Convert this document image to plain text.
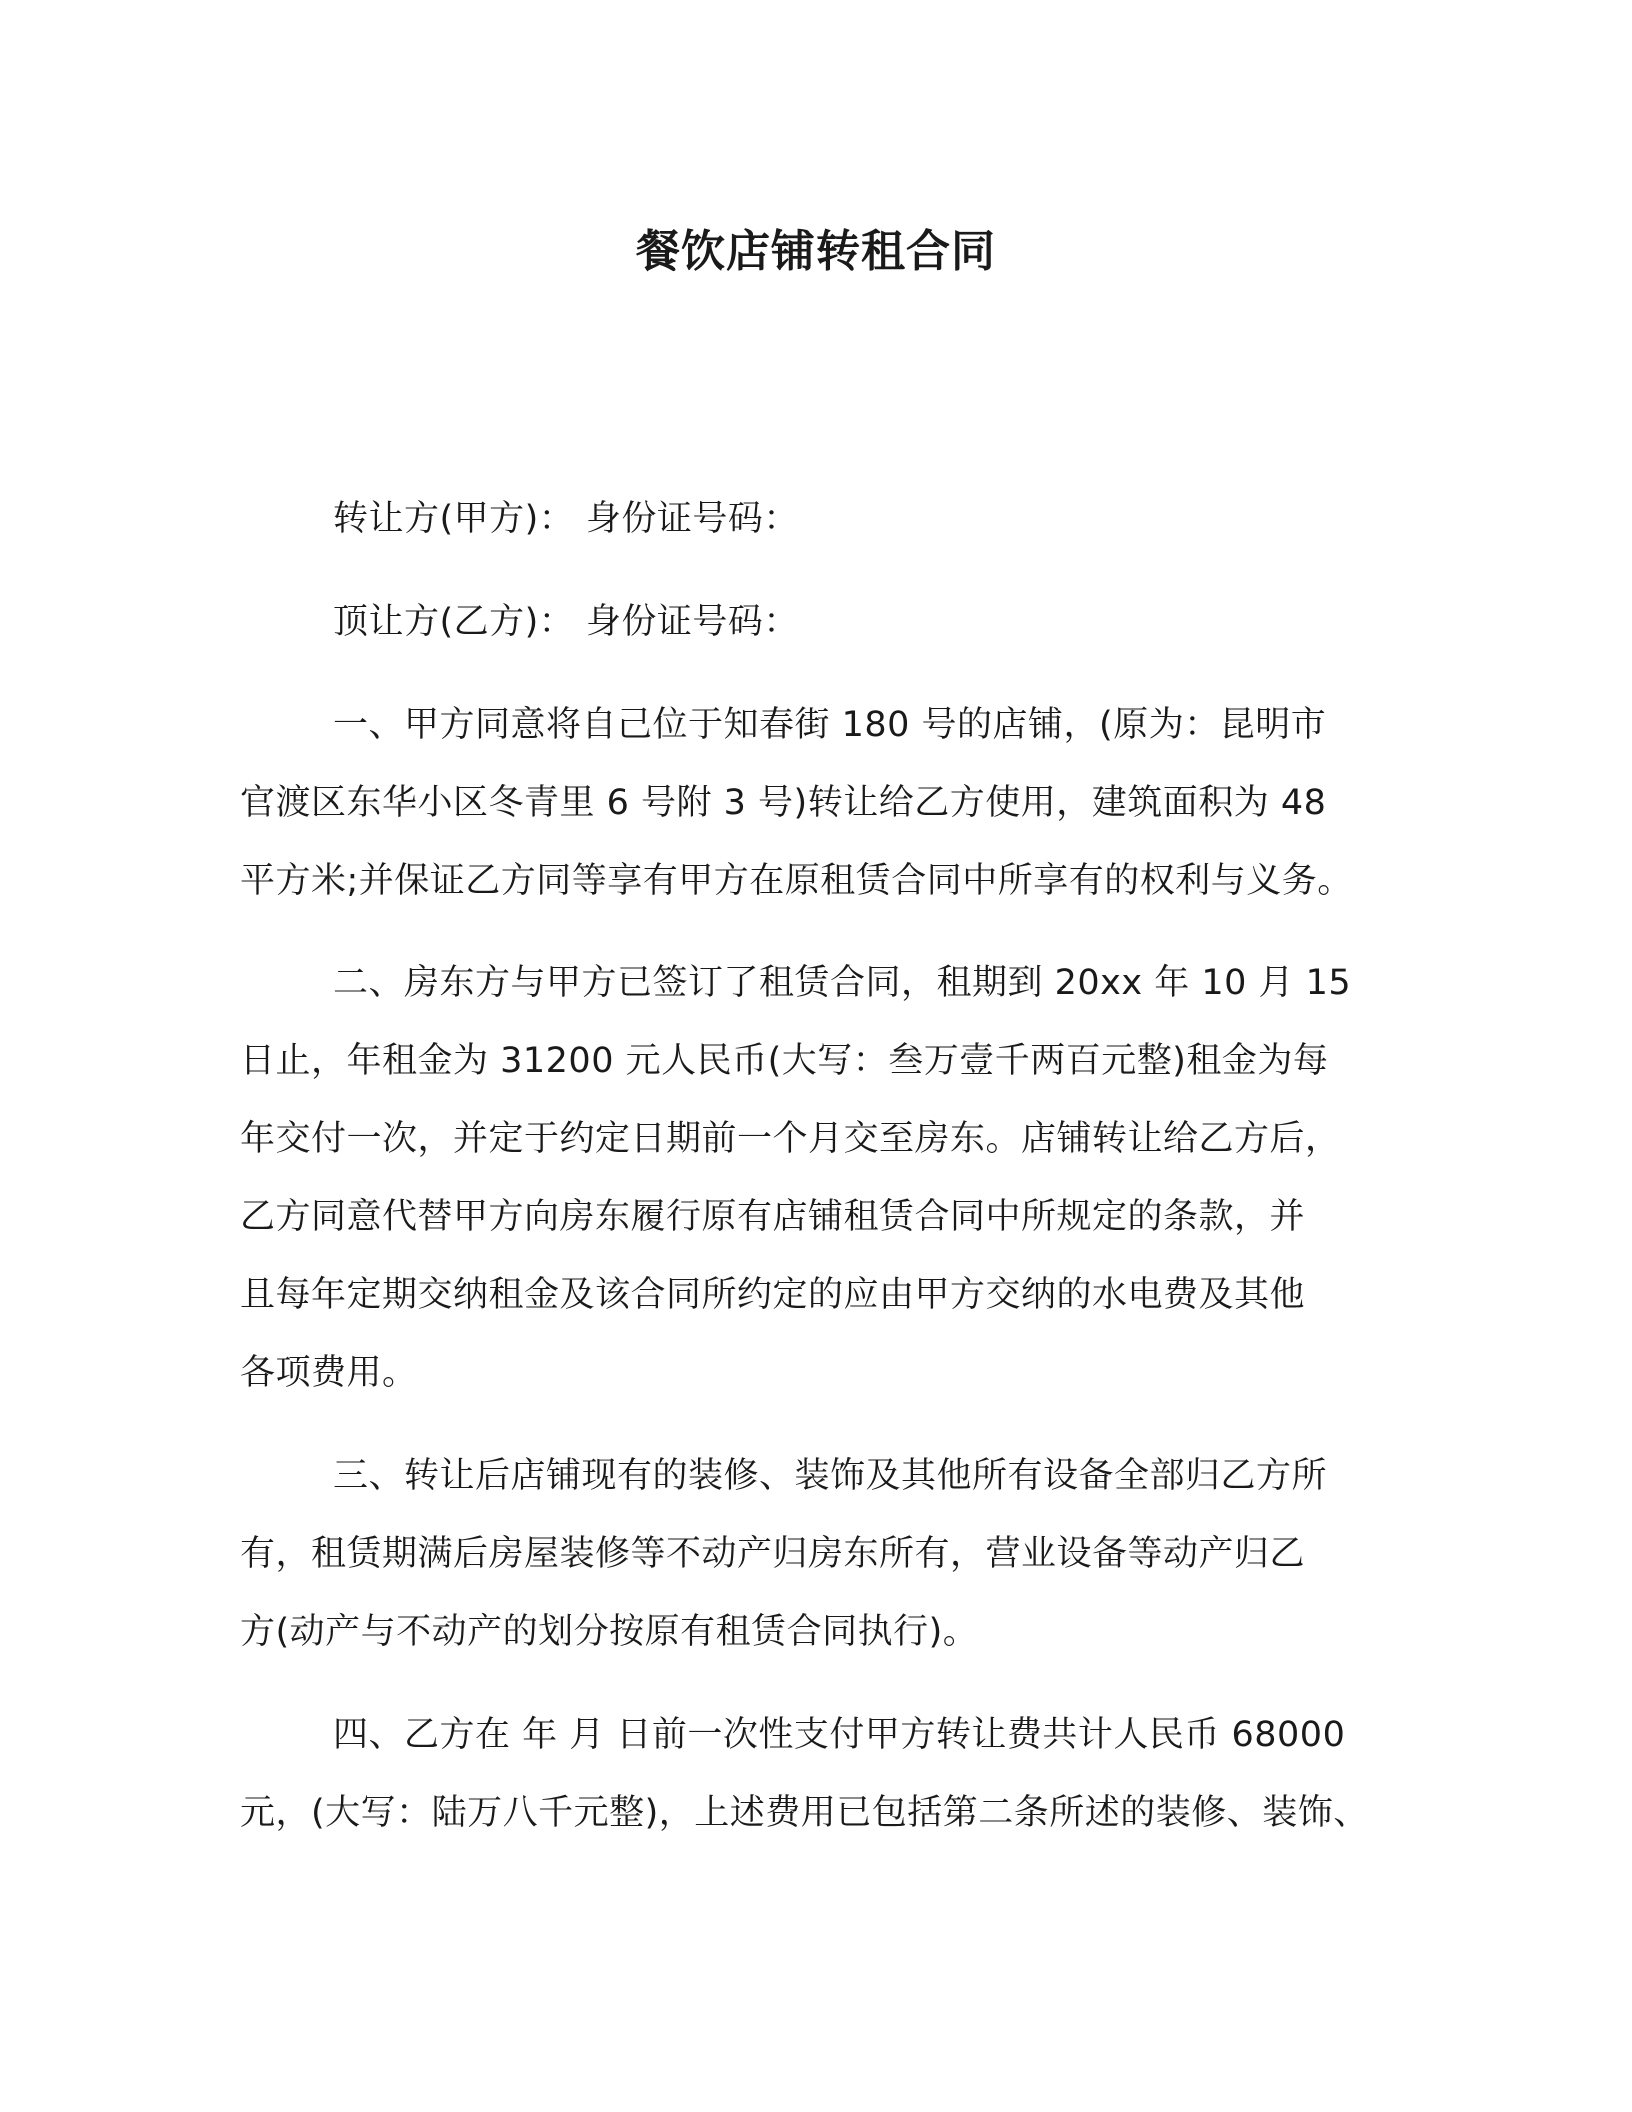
餐饮店铺转租合同
转让方(甲方)： 身份证号码：
顶让方(乙方)： 身份证号码：
一、甲方同意将自己位于知春街 180 号的店铺，(原为：昆明市
官渡区东华小区冬青里 6 号附 3 号)转让给乙方使用，建筑面积为 48
平方米;并保证乙方同等享有甲方在原租赁合同中所享有的权利与义务。
二、房东方与甲方已签订了租赁合同，租期到 20xx 年 10 月 15
日止，年租金为 31200 元人民币(大写：叁万壹千两百元整)租金为每
年交付一次，并定于约定日期前一个月交至房东。店铺转让给乙方后，
乙方同意代替甲方向房东履行原有店铺租赁合同中所规定的条款，并
且每年定期交纳租金及该合同所约定的应由甲方交纳的水电费及其他
各项费用。
三、转让后店铺现有的装修、装饰及其他所有设备全部归乙方所
有，租赁期满后房屋装修等不动产归房东所有，营业设备等动产归乙
方(动产与不动产的划分按原有租赁合同执行)。
四、乙方在 年 月 日前一次性支付甲方转让费共计人民币 68000
元，(大写：陆万八千元整)，上述费用已包括第二条所述的装修、装饰、
